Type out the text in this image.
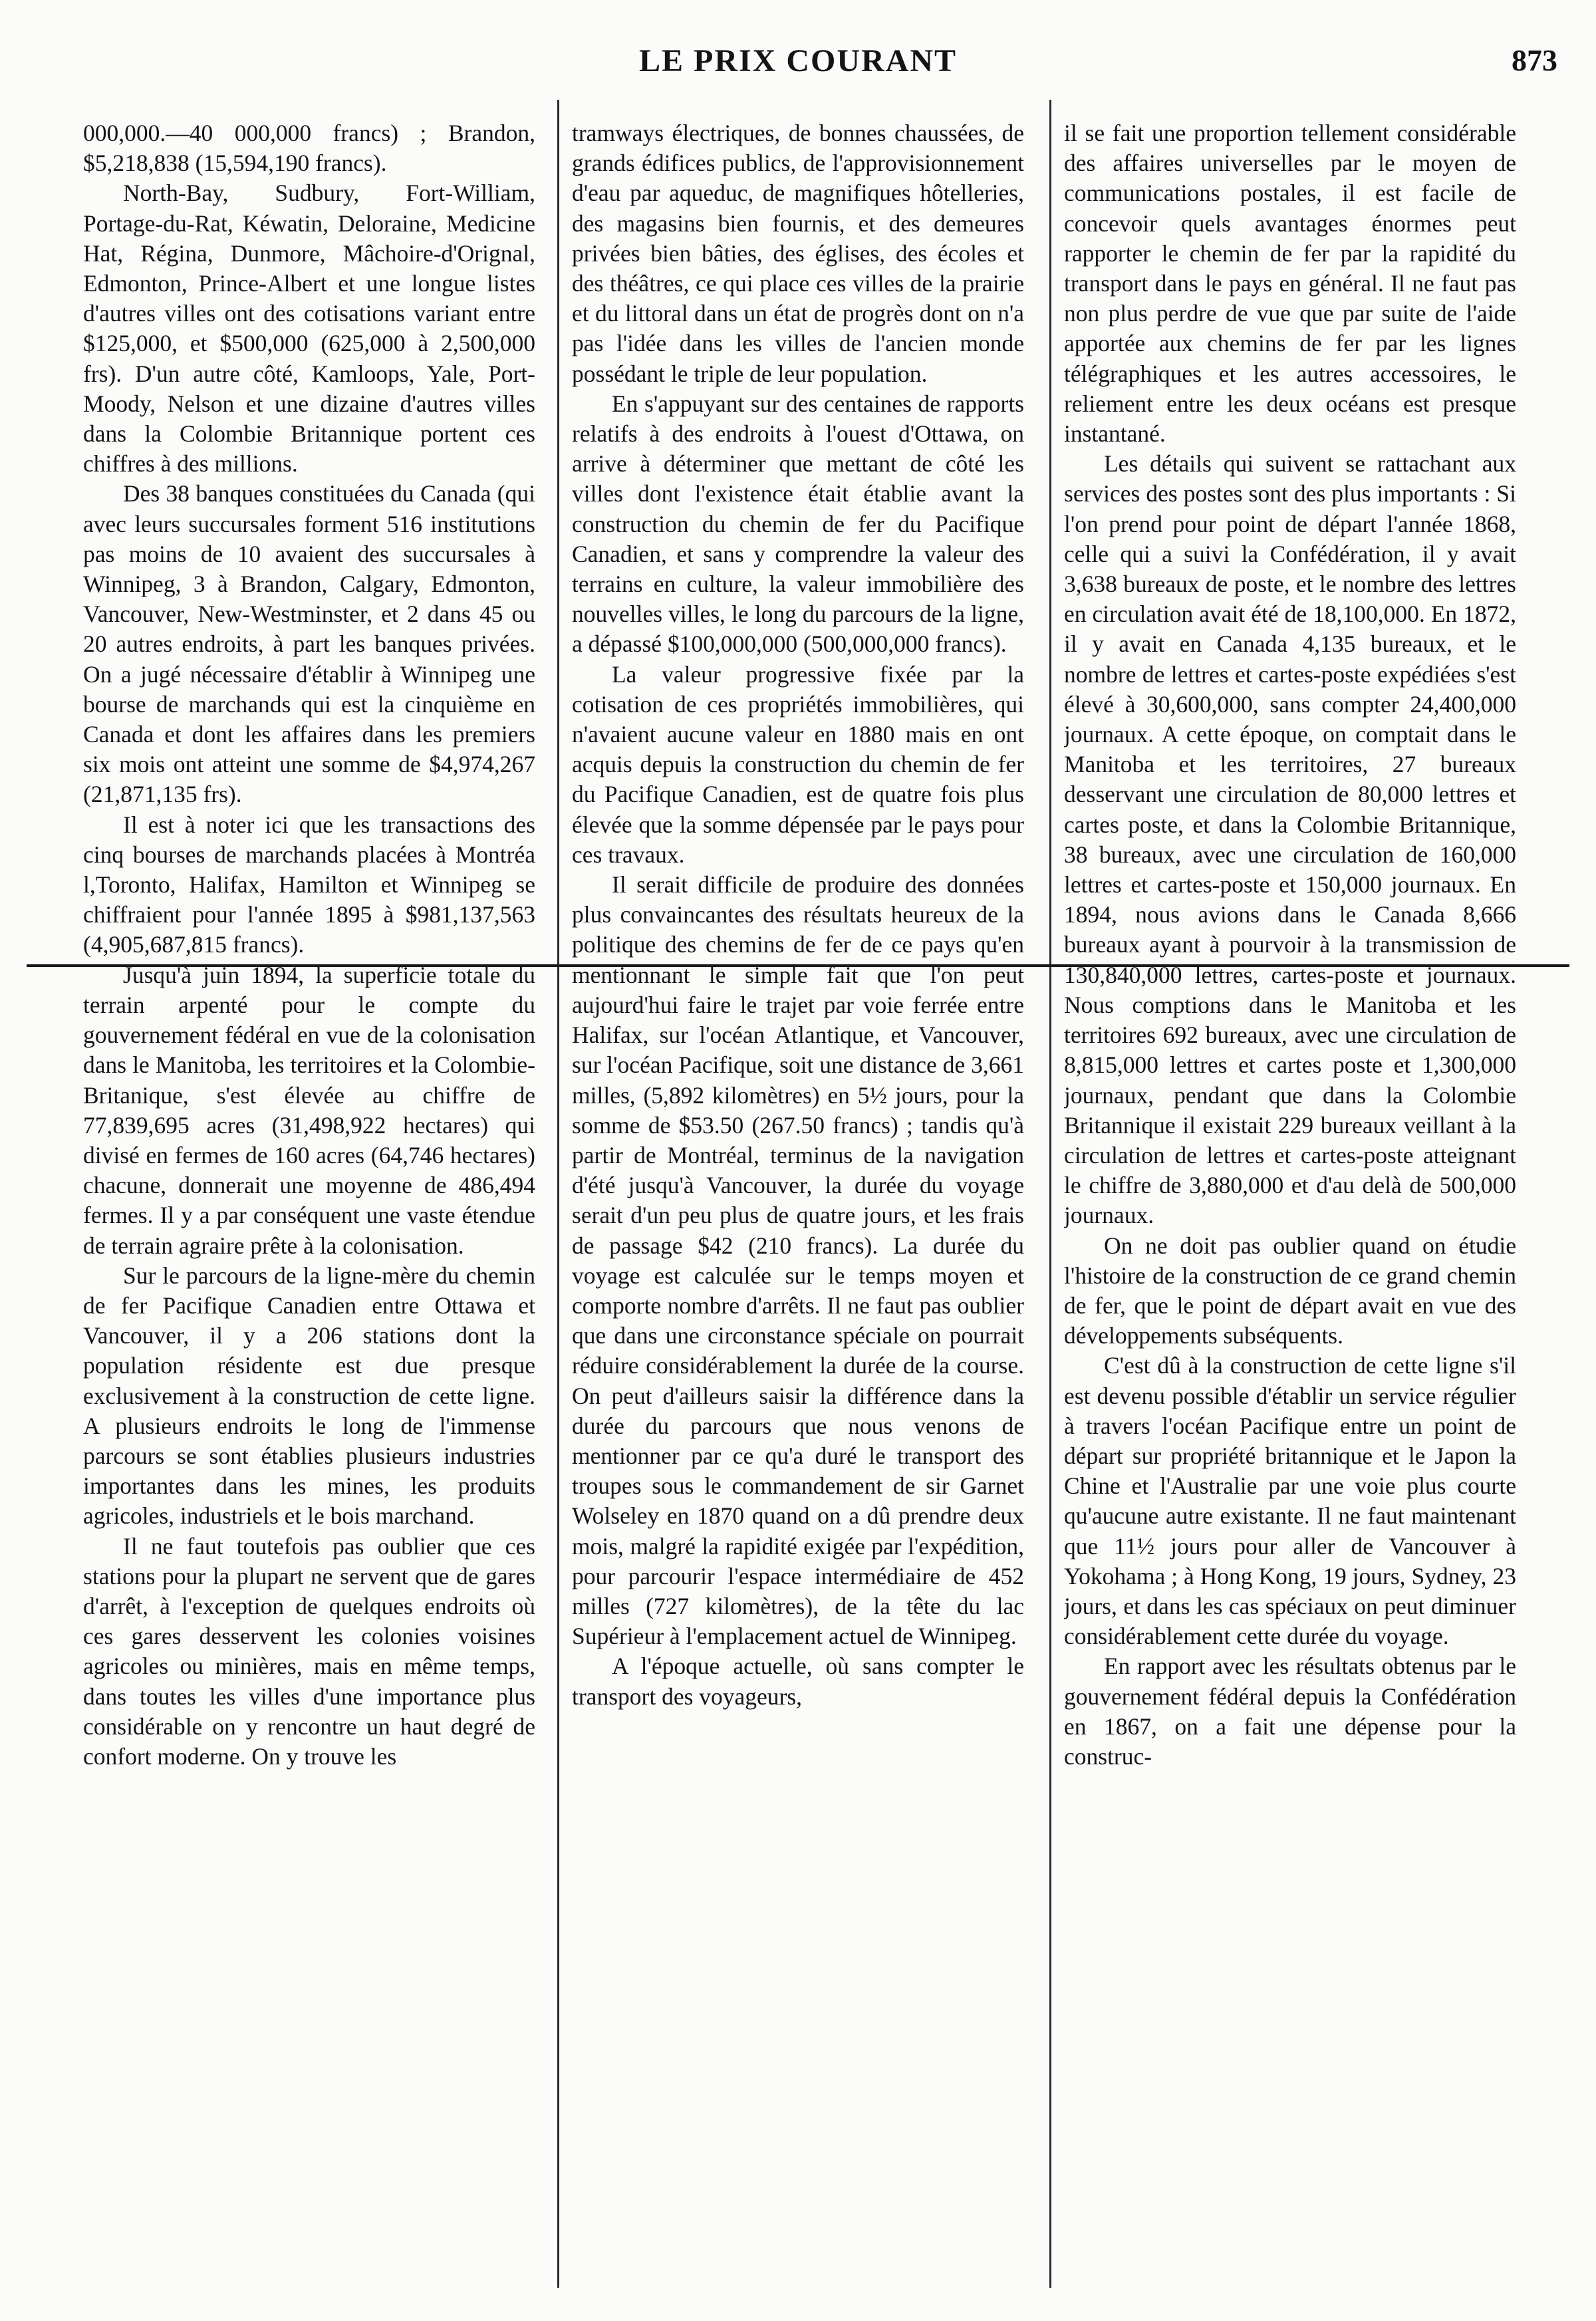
LE PRIX COURANT	873

000,000.—40 000,000 francs) ; Brandon, $5,218,838 (15,594,190 francs).

North-Bay, Sudbury, Fort-William, Portage-du-Rat, Kéwatin, Deloraine, Medicine Hat, Régina, Dunmore, Mâchoire-d'Orignal, Edmonton, Prince-Albert et une longue listes d'autres villes ont des cotisations variant entre $125,000, et $500,000 (625,000 à 2,500,000 frs). D'un autre côté, Kamloops, Yale, Port-Moody, Nelson et une dizaine d'autres villes dans la Colombie Britannique portent ces chiffres à des millions.

Des 38 banques constituées du Canada (qui avec leurs succursales forment 516 institutions pas moins de 10 avaient des succursales à Winnipeg, 3 à Brandon, Calgary, Edmonton, Vancouver, New-Westminster, et 2 dans 45 ou 20 autres endroits, à part les banques privées. On a jugé nécessaire d'établir à Winnipeg une bourse de marchands qui est la cinquième en Canada et dont les affaires dans les premiers six mois ont atteint une somme de $4,974,267 (21,871,135 frs).

Il est à noter ici que les transactions des cinq bourses de marchands placées à Montréa l,Toronto, Halifax, Hamilton et Winnipeg se chiffraient pour l'année 1895 à $981,137,563 (4,905,687,815 francs).

Jusqu'à juin 1894, la superficie totale du terrain arpenté pour le compte du gouvernement fédéral en vue de la colonisation dans le Manitoba, les territoires et la Colombie-Britanique, s'est élevée au chiffre de 77,839,695 acres (31,498,922 hectares) qui divisé en fermes de 160 acres (64,746 hectares) chacune, donnerait une moyenne de 486,494 fermes. Il y a par conséquent une vaste étendue de terrain agraire prête à la colonisation.

Sur le parcours de la ligne-mère du chemin de fer Pacifique Canadien entre Ottawa et Vancouver, il y a 206 stations dont la population résidente est due presque exclusivement à la construction de cette ligne. A plusieurs endroits le long de l'immense parcours se sont établies plusieurs industries importantes dans les mines, les produits agricoles, industriels et le bois marchand.

Il ne faut toutefois pas oublier que ces stations pour la plupart ne servent que de gares d'arrêt, à l'exception de quelques endroits où ces gares desservent les colonies voisines agricoles ou minières, mais en même temps, dans toutes les villes d'une importance plus considérable on y rencontre un haut degré de confort moderne. On y trouve les

tramways électriques, de bonnes chaussées, de grands édifices publics, de l'approvisionnement d'eau par aqueduc, de magnifiques hôtelleries, des magasins bien fournis, et des demeures privées bien bâties, des églises, des écoles et des théâtres, ce qui place ces villes de la prairie et du littoral dans un état de progrès dont on n'a pas l'idée dans les villes de l'ancien monde possédant le triple de leur population.

En s'appuyant sur des centaines de rapports relatifs à des endroits à l'ouest d'Ottawa, on arrive à déterminer que mettant de côté les villes dont l'existence était établie avant la construction du chemin de fer du Pacifique Canadien, et sans y comprendre la valeur des terrains en culture, la valeur immobilière des nouvelles villes, le long du parcours de la ligne, a dépassé $100,000,000 (500,000,000 francs).

La valeur progressive fixée par la cotisation de ces propriétés immobilières, qui n'avaient aucune valeur en 1880 mais en ont acquis depuis la construction du chemin de fer du Pacifique Canadien, est de quatre fois plus élevée que la somme dépensée par le pays pour ces travaux.

Il serait difficile de produire des données plus convaincantes des résultats heureux de la politique des chemins de fer de ce pays qu'en mentionnant le simple fait que l'on peut aujourd'hui faire le trajet par voie ferrée entre Halifax, sur l'océan Atlantique, et Vancouver, sur l'océan Pacifique, soit une distance de 3,661 milles, (5,892 kilomètres) en 5½ jours, pour la somme de $53.50 (267.50 francs) ; tandis qu'à partir de Montréal, terminus de la navigation d'été jusqu'à Vancouver, la durée du voyage serait d'un peu plus de quatre jours, et les frais de passage $42 (210 francs). La durée du voyage est calculée sur le temps moyen et comporte nombre d'arrêts. Il ne faut pas oublier que dans une circonstance spéciale on pourrait réduire considérablement la durée de la course. On peut d'ailleurs saisir la différence dans la durée du parcours que nous venons de mentionner par ce qu'a duré le transport des troupes sous le commandement de sir Garnet Wolseley en 1870 quand on a dû prendre deux mois, malgré la rapidité exigée par l'expédition, pour parcourir l'espace intermédiaire de 452 milles (727 kilomètres), de la tête du lac Supérieur à l'emplacement actuel de Winnipeg.

A l'époque actuelle, où sans compter le transport des voyageurs,

il se fait une proportion tellement considérable des affaires universelles par le moyen de communications postales, il est facile de concevoir quels avantages énormes peut rapporter le chemin de fer par la rapidité du transport dans le pays en général. Il ne faut pas non plus perdre de vue que par suite de l'aide apportée aux chemins de fer par les lignes télégraphiques et les autres accessoires, le reliement entre les deux océans est presque instantané.

Les détails qui suivent se rattachant aux services des postes sont des plus importants : Si l'on prend pour point de départ l'année 1868, celle qui a suivi la Confédération, il y avait 3,638 bureaux de poste, et le nombre des lettres en circulation avait été de 18,100,000. En 1872, il y avait en Canada 4,135 bureaux, et le nombre de lettres et cartes-poste expédiées s'est élevé à 30,600,000, sans compter 24,400,000 journaux. A cette époque, on comptait dans le Manitoba et les territoires, 27 bureaux desservant une circulation de 80,000 lettres et cartes poste, et dans la Colombie Britannique, 38 bureaux, avec une circulation de 160,000 lettres et cartes-poste et 150,000 journaux. En 1894, nous avions dans le Canada 8,666 bureaux ayant à pourvoir à la transmission de 130,840,000 lettres, cartes-poste et journaux. Nous comptions dans le Manitoba et les territoires 692 bureaux, avec une circulation de 8,815,000 lettres et cartes poste et 1,300,000 journaux, pendant que dans la Colombie Britannique il existait 229 bureaux veillant à la circulation de lettres et cartes-poste atteignant le chiffre de 3,880,000 et d'au delà de 500,000 journaux.

On ne doit pas oublier quand on étudie l'histoire de la construction de ce grand chemin de fer, que le point de départ avait en vue des développements subséquents.

C'est dû à la construction de cette ligne s'il est devenu possible d'établir un service régulier à travers l'océan Pacifique entre un point de départ sur propriété britannique et le Japon la Chine et l'Australie par une voie plus courte qu'aucune autre existante. Il ne faut maintenant que 11½ jours pour aller de Vancouver à Yokohama ; à Hong Kong, 19 jours, Sydney, 23 jours, et dans les cas spéciaux on peut diminuer considérablement cette durée du voyage.

En rapport avec les résultats obtenus par le gouvernement fédéral depuis la Confédération en 1867, on a fait une dépense pour la construc-
